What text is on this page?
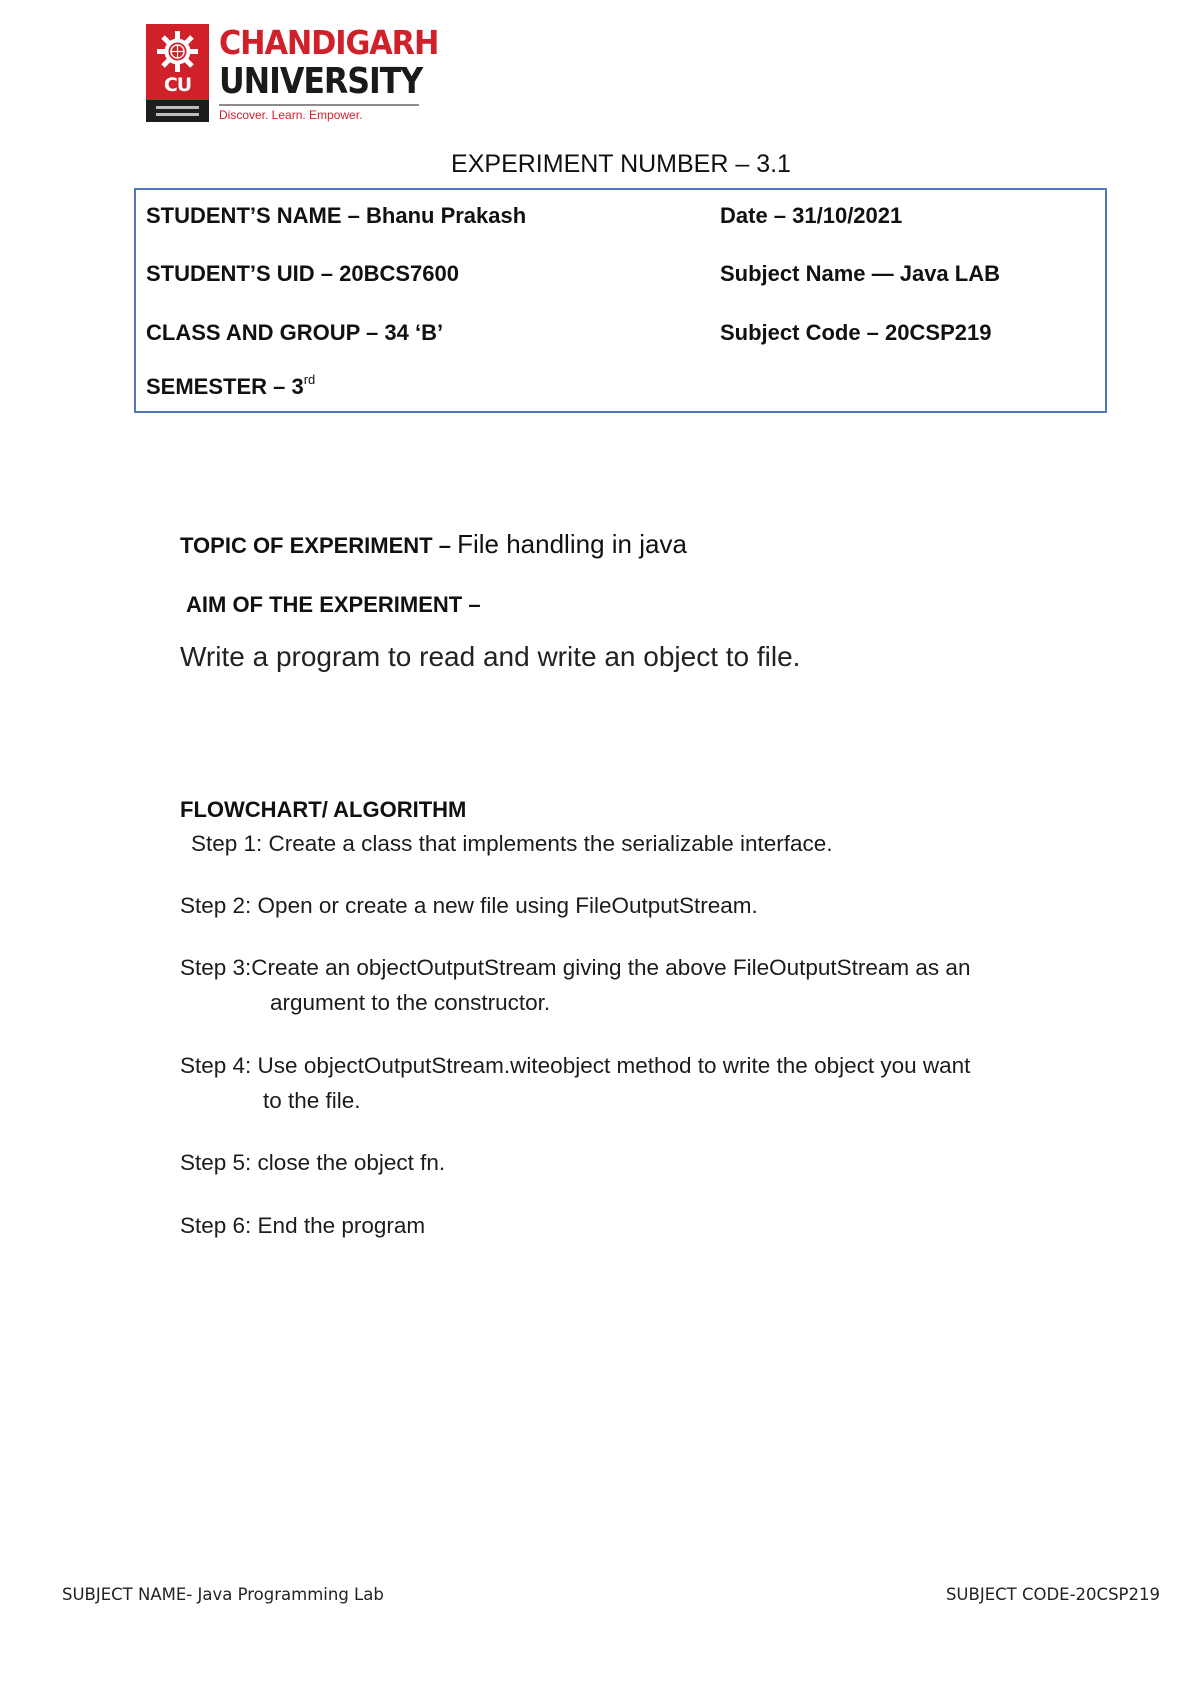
CU
CHANDIGARH
UNIVERSITY
Discover. Learn. Empower.
EXPERIMENT NUMBER – 3.1
STUDENT’S NAME – Bhanu Prakash	Date – 31/10/2021
STUDENT’S UID – 20BCS7600	Subject Name — Java LAB
CLASS AND GROUP – 34 ‘B’	Subject Code – 20CSP219
SEMESTER – 3rd
TOPIC OF EXPERIMENT – File handling in java
AIM OF THE EXPERIMENT –
Write a program to read and write an object to file.
FLOWCHART/ ALGORITHM
Step 1: Create a class that implements the serializable interface.
Step 2: Open or create a new file using FileOutputStream.
Step 3:Create an objectOutputStream giving the above FileOutputStream as an
argument to the constructor.
Step 4: Use objectOutputStream.witeobject method to write the object you want
to the file.
Step 5: close the object fn.
Step 6: End the program
SUBJECT NAME- Java Programming Lab	SUBJECT CODE-20CSP219
